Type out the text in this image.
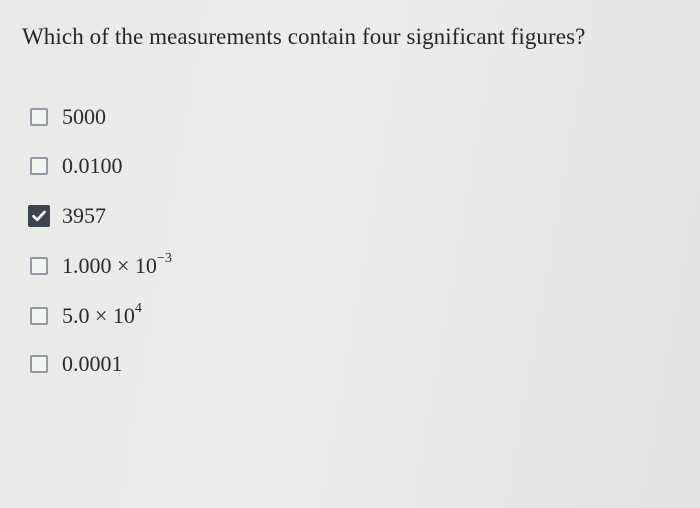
Which of the measurements contain four significant figures?
5000
0.0100
3957
$1.000 \times 10^{-3}$
$5.0 \times 10^4$
0.0001
